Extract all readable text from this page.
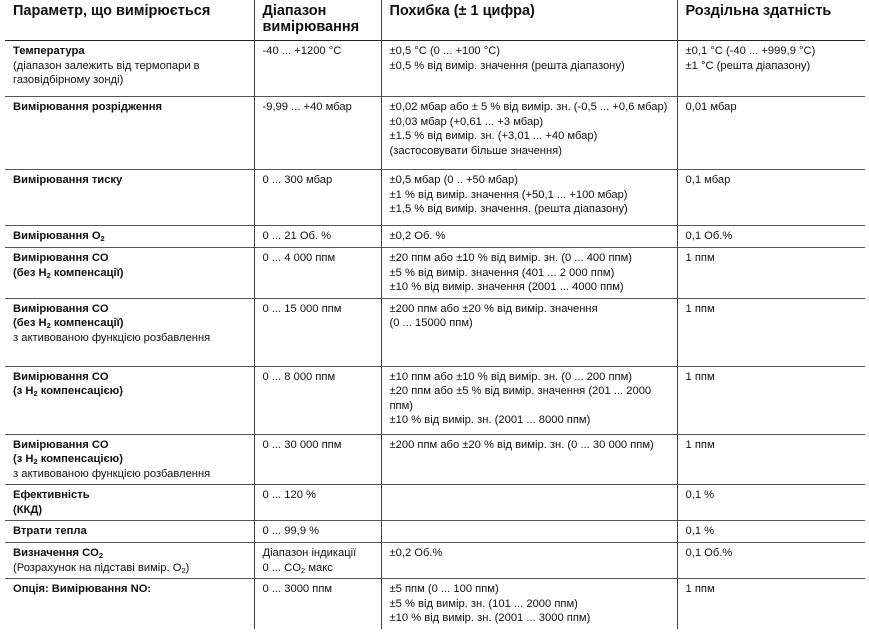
Параметр, що вимірюється	Діапазон вимірювання	Похибка (± 1 цифра)	Роздільна здатність

Температура
(діапазон залежить від термопари в газовідбірному зонді)	-40 ... +1200 °C	±0,5 °C (0 ... +100 °C)
±0,5 % від вимір. значення (решта діапазону)	±0,1 °C (-40 ... +999,9 °C)
±1 °C (решта діапазону)

Вимірювання розрідження	-9,99 ... +40 мбар	±0,02 мбар або ± 5 % від вимір. зн. (-0,5 ... +0,6 мбар)
±0,03 мбар (+0,61 ... +3 мбар)
±1.5 % від вимір. зн. (+3,01 ... +40 мбар)
(застосовувати більше значення)	0,01 мбар

Вимірювання тиску	0 ... 300 мбар	±0,5 мбар (0 .. +50 мбар)
±1 % від вимір. значення (+50,1 ... +100 мбар)
±1,5 % від вимір. значення. (решта діапазону)	0,1 мбар

Вимірювання $O_2$	0 ... 21 Об. %	±0,2 Об. %	0,1 Об.%

Вимірювання CO
(без $H_2$ компенсації)	0 ... 4 000 ппм	±20 ппм або ±10 % від вимір. зн. (0 ... 400 ппм)
±5 % від вимір. значення (401 ... 2 000 ппм)
±10 % від вимір. значення (2001 ... 4000 ппм)	1 ппм

Вимірювання CO
(без $H_2$ компенсації)
з активованою функцією розбавлення	0 ... 15 000 ппм	±200 ппм або ±20 % від вимір. значення
(0 ... 15000 ппм)	1 ппм

Вимірювання CO
(з $H_2$ компенсацією)	0 ... 8 000 ппм	±10 ппм або ±10 % від вимір. зн. (0 ... 200 ппм)
±20 ппм або ±5 % від вимір. значення (201 ... 2000 ппм)
±10 % від вимір. зн. (2001 ... 8000 ппм)	1 ппм

Вимірювання CO
(з $H_2$ компенсацією)
з активованою функцією розбавлення	0 ... 30 000 ппм	±200 ппм або ±20 % від вимір. зн. (0 ... 30 000 ппм)	1 ппм

Ефективність
(ККД)	0 ... 120 %		0,1 %

Втрати тепла	0 ... 99,9 %		0,1 %

Визначення $CO_2$
(Розрахунок на підставі вимір. $O_2$)	Діапазон індикації
0 ... $CO_2$ макс	±0,2 Об.%	0,1 Об.%

Опція: Вимірювання NO:	0 ... 3000 ппм	±5 ппм (0 ... 100 ппм)
±5 % від вимір. зн. (101 ... 2000 ппм)
±10 % від вимір. зн. (2001 ... 3000 ппм)	1 ппм
